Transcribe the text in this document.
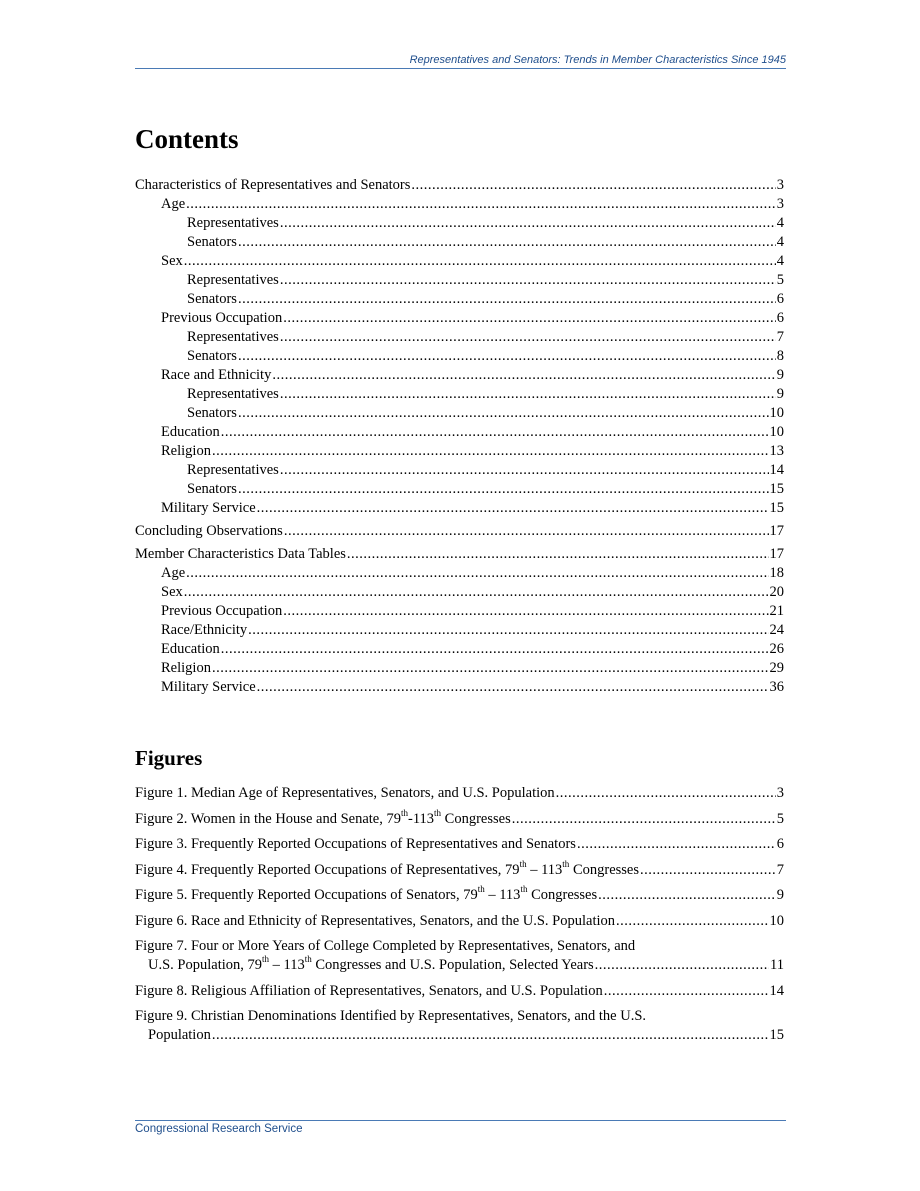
Representatives and Senators: Trends in Member Characteristics Since 1945
Contents
Characteristics of Representatives and Senators .....	3
Age .....	3
Representatives .....	4
Senators .....	4
Sex .....	4
Representatives .....	5
Senators .....	6
Previous Occupation .....	6
Representatives .....	7
Senators .....	8
Race and Ethnicity .....	9
Representatives .....	9
Senators .....	10
Education .....	10
Religion .....	13
Representatives .....	14
Senators .....	15
Military Service .....	15
Concluding Observations .....	17
Member Characteristics Data Tables .....	17
Age .....	18
Sex .....	20
Previous Occupation .....	21
Race/Ethnicity .....	24
Education .....	26
Religion .....	29
Military Service .....	36
Figures
Figure 1. Median Age of Representatives, Senators, and U.S. Population .....	3
Figure 2. Women in the House and Senate, 79th-113th Congresses .....	5
Figure 3. Frequently Reported Occupations of Representatives and Senators .....	6
Figure 4. Frequently Reported Occupations of Representatives, 79th – 113th Congresses .....	7
Figure 5. Frequently Reported Occupations of Senators, 79th – 113th Congresses .....	9
Figure 6. Race and Ethnicity of Representatives, Senators, and the U.S. Population .....	10
Figure 7. Four or More Years of College Completed by Representatives, Senators, and
U.S. Population, 79th – 113th Congresses and U.S. Population, Selected Years .....	11
Figure 8. Religious Affiliation of Representatives, Senators, and U.S. Population .....	14
Figure 9. Christian Denominations Identified by Representatives, Senators, and the U.S.
Population .....	15
Congressional Research Service
